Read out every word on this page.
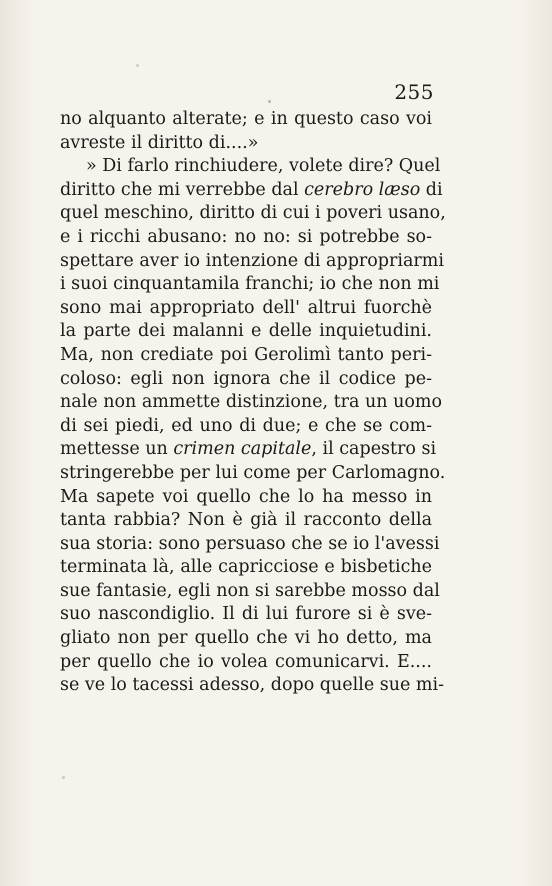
255
no alquanto alterate; e in questo caso voi
avreste il diritto di....»
» Di farlo rinchiudere, volete dire? Quel
diritto che mi verrebbe dal cerebro læso di
quel meschino, diritto di cui i poveri usano,
e i ricchi abusano: no no: si potrebbe so-
spettare aver io intenzione di appropriarmi
i suoi cinquantamila franchi; io che non mi
sono mai appropriato dell' altrui fuorchè
la parte dei malanni e delle inquietudini.
Ma, non crediate poi Gerolimì tanto peri-
coloso: egli non ignora che il codice pe-
nale non ammette distinzione, tra un uomo
di sei piedi, ed uno di due; e che se com-
mettesse un crimen capitale, il capestro si
stringerebbe per lui come per Carlomagno.
Ma sapete voi quello che lo ha messo in
tanta rabbia? Non è già il racconto della
sua storia: sono persuaso che se io l'avessi
terminata là, alle capricciose e bisbetiche
sue fantasie, egli non si sarebbe mosso dal
suo nascondiglio. Il di lui furore si è sve-
gliato non per quello che vi ho detto, ma
per quello che io volea comunicarvi. E....
se ve lo tacessi adesso, dopo quelle sue mi-
